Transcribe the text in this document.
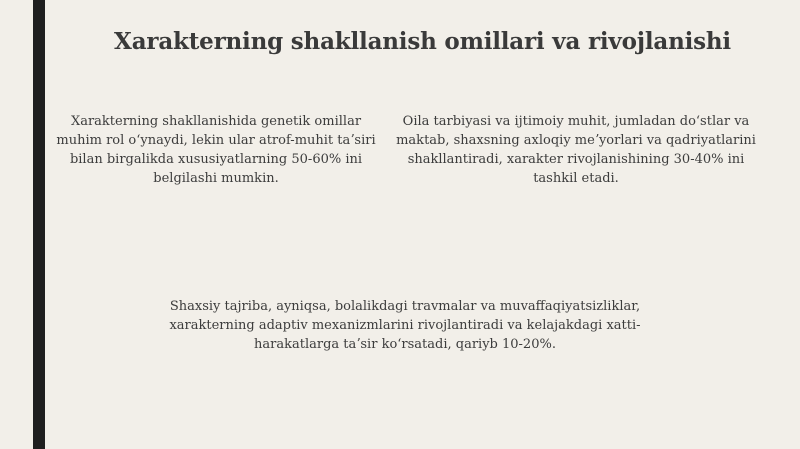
Xarakterning shakllanish omillari va rivojlanishi
Xarakterning shakllanishida genetik omillar muhim rol oʻynaydi, lekin ular atrof-muhit taʼsiri bilan birgalikda xususiyatlarning 50-60% ini belgilashi mumkin.
Oila tarbiyasi va ijtimoiy muhit, jumladan doʻstlar va maktab, shaxsning axloqiy meʼyorlari va qadriyatlarini shakllantiradi, xarakter rivojlanishining 30-40% ini tashkil etadi.
Shaxsiy tajriba, ayniqsa, bolalikdagi travmalar va muvaffaqiyatsizliklar, xarakterning adaptiv mexanizmlarini rivojlantiradi va kelajakdagi xatti-harakatlarga taʼsir koʻrsatadi, qariyb 10-20%.
